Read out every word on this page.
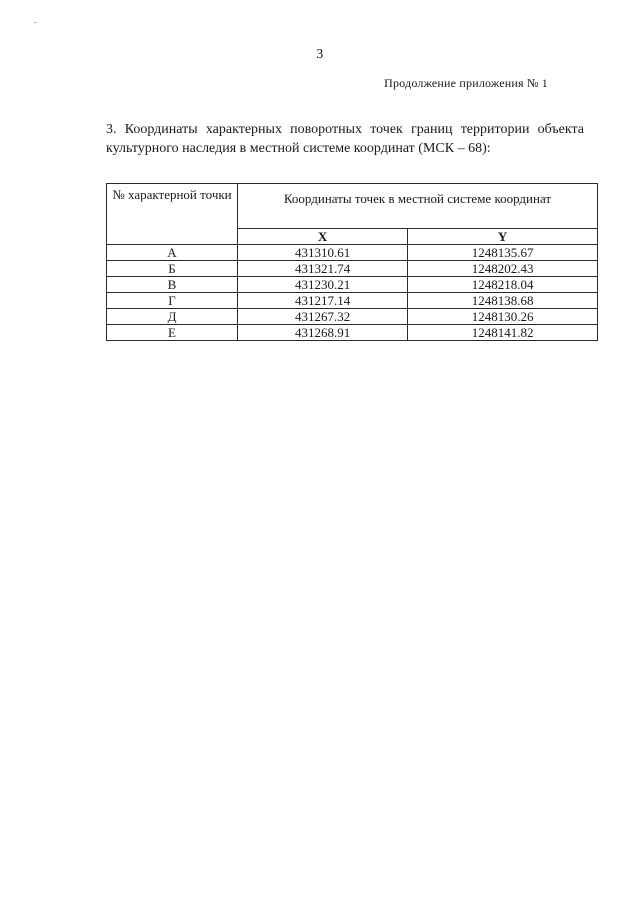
3
Продолжение приложения № 1
3. Координаты характерных поворотных точек границ территории объекта культурного наследия в местной системе координат (МСК – 68):
№ характерной точки	Координаты точек в местной системе координат	
	X	Y
А	431310.61	1248135.67
Б	431321.74	1248202.43
В	431230.21	1248218.04
Г	431217.14	1248138.68
Д	431267.32	1248130.26
Е	431268.91	1248141.82
